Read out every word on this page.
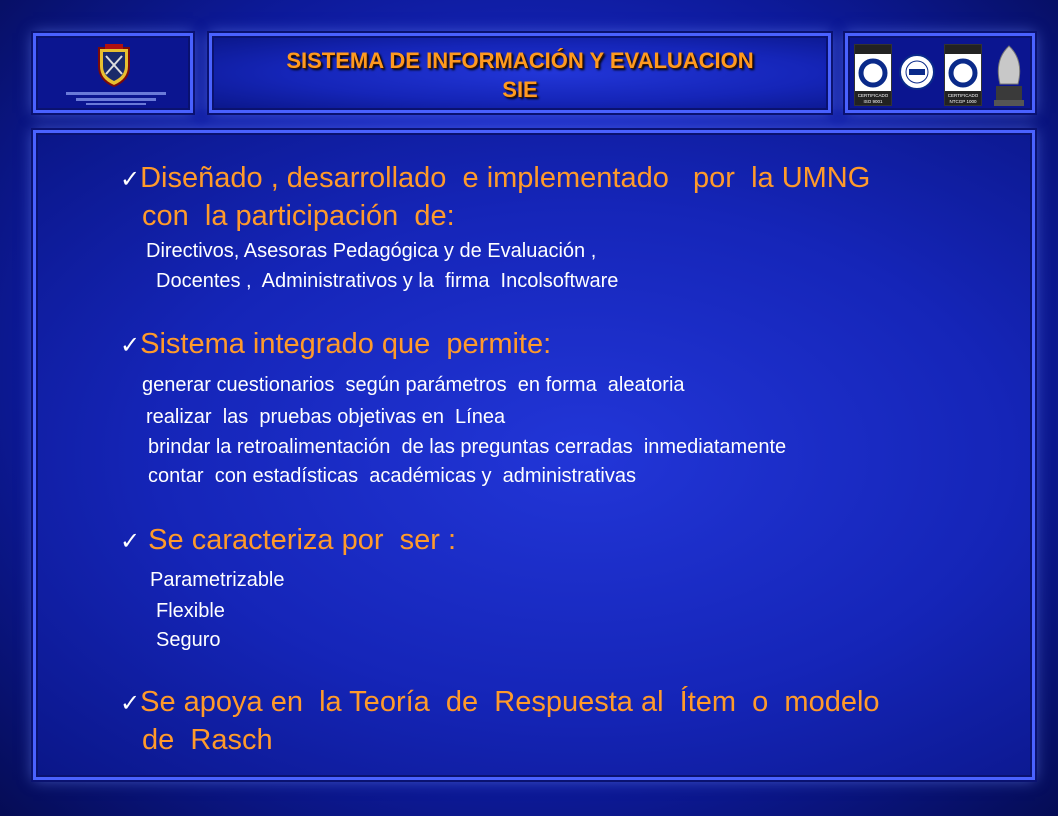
SISTEMA DE INFORMACIÓN Y EVALUACION
SIE	CERTIFICADO
ISO 9001
CERTIFICADO
NTCGP 1000
✓Diseñado , desarrollado  e implementado   por  la UMNG
con  la participación  de:
Directivos, Asesoras Pedagógica y de Evaluación ,
Docentes ,  Administrativos y la  firma  Incolsoftware
✓Sistema integrado que  permite:
generar cuestionarios  según parámetros  en forma  aleatoria
realizar  las  pruebas objetivas en  Línea
brindar la retroalimentación  de las preguntas cerradas  inmediatamente
contar  con estadísticas  académicas y  administrativas
✓ Se caracteriza por  ser :
Parametrizable
Flexible
Seguro
✓Se apoya en  la Teoría  de  Respuesta al  Ítem  o  modelo
de  Rasch
